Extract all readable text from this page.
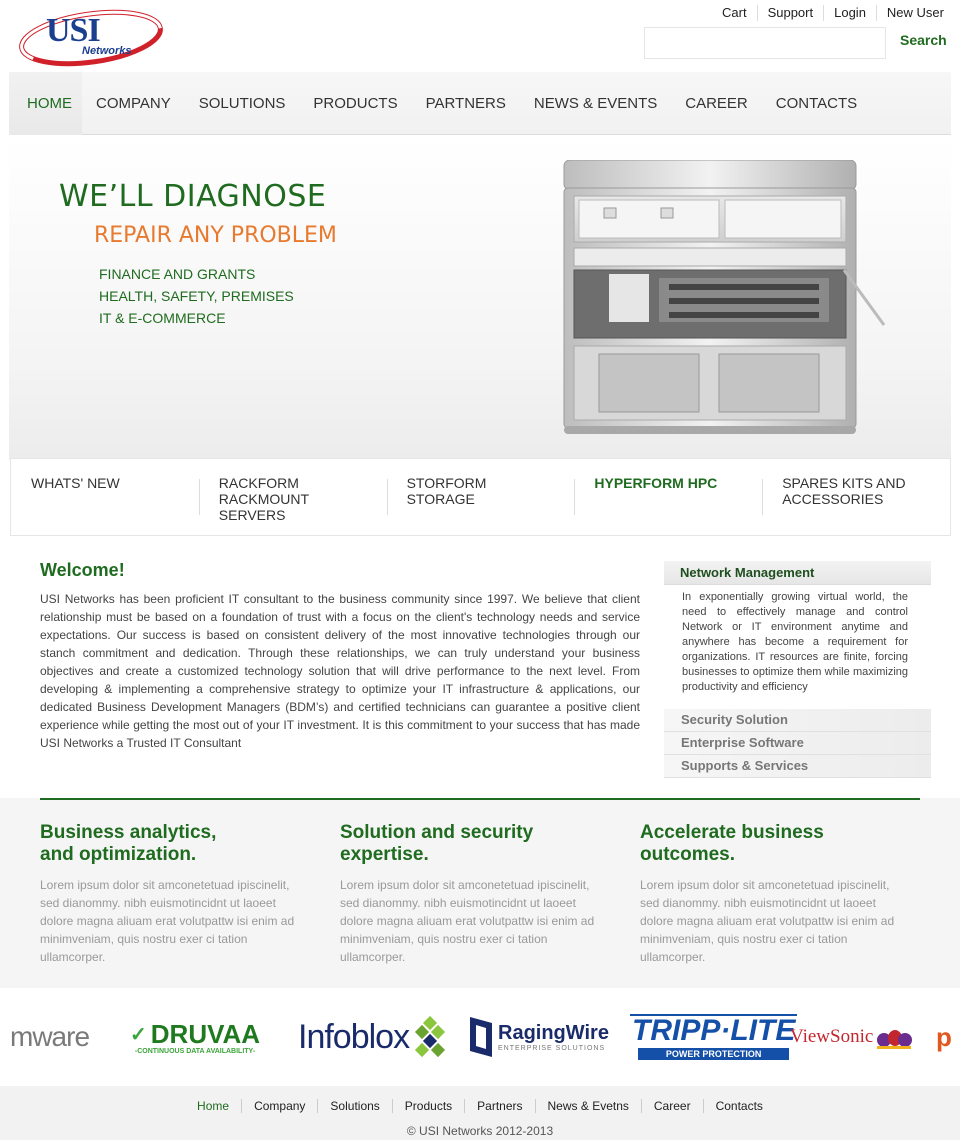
USI
Networks
Cart	Support	Login	New User
Search
HOME	COMPANY	SOLUTIONS	PRODUCTS	PARTNERS	NEWS & EVENTS	CAREER	CONTACTS
WE’LL DIAGNOSE
REPAIR ANY PROBLEM
FINANCE AND GRANTS
HEALTH, SAFETY, PREMISES
IT & E-COMMERCE
WHATS' NEW	RACKFORM
RACKMOUNT
SERVERS
STORFORM
STORAGE
HYPERFORM HPC	SPARES KITS AND
ACCESSORIES
Welcome!
USI Networks has been proficient IT consultant to the business community since 1997. We believe that client relationship must be based on a foundation of trust with a focus on the client's technology needs and service expectations. Our success is based on consistent delivery of the most innovative technologies through our stanch commitment and dedication. Through these relationships, we can truly understand your business objectives and create a customized technology solution that will drive performance to the next level. From developing & implementing a comprehensive strategy to optimize your IT infrastructure & applications, our dedicated Business Development Managers (BDM’s) and certified technicians can guarantee a positive client experience while getting the most out of your IT investment. It is this commitment to your success that has made USI Networks a Trusted IT Consultant
Network Management
In exponentially growing virtual world, the need to effectively manage and control Network or IT environment anytime and anywhere has become a requirement for organizations. IT resources are finite, forcing businesses to optimize them while maximizing productivity and efficiency
Security Solution
Enterprise Software
Supports & Services
Business analytics,
and optimization.

Lorem ipsum dolor sit amconetetuad ipiscinelit, sed dianommy. nibh euismotincidnt ut laoeet dolore magna aliuam erat volutpattw isi enim ad minimveniam, quis nostru exer ci tation ullamcorper.

Solution and security
expertise.

Lorem ipsum dolor sit amconetetuad ipiscinelit, sed dianommy. nibh euismotincidnt ut laoeet dolore magna aliuam erat volutpattw isi enim ad minimveniam, quis nostru exer ci tation ullamcorper.

Accelerate business
outcomes.

Lorem ipsum dolor sit amconetetuad ipiscinelit, sed dianommy. nibh euismotincidnt ut laoeet dolore magna aliuam erat volutpattw isi enim ad minimveniam, quis nostru exer ci tation ullamcorper.

mware ✓ DRUVAA
-CONTINUOUS DATA AVAILABILITY- Infoblox	RagingWire
ENTERPRISE SOLUTIONS
TRIPP·LITE
POWER PROTECTION
ViewSonic p
Home	Company	Solutions	Products	Partners	News & Evetns	Career	Contacts
© USI Networks 2012-2013
